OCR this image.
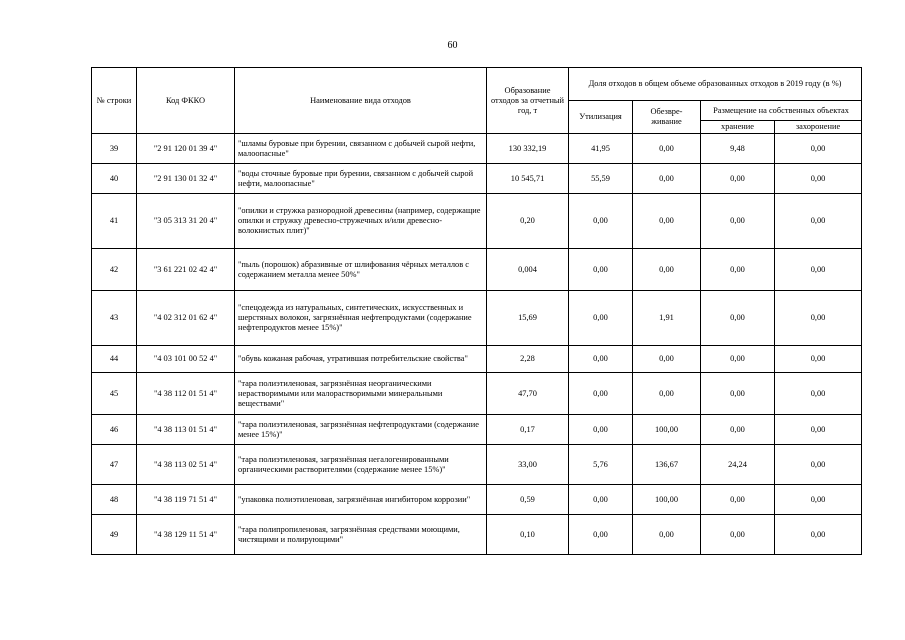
60
№ строки	Код ФККО	Наименование вида отходов	Образование отходов за отчетный год, т	Доля отходов в общем объеме образованных отходов в 2019 году (в %)			
				Утилизация	Обезвре-живание	Размещение на собственных объектах	
						хранение	захоронение
39	"2 91 120 01 39 4"	"шламы буровые при бурении, связанном с добычей сырой нефти, малоопасные"	130 332,19	41,95	0,00	9,48	0,00
40	"2 91 130 01 32 4"	"воды сточные буровые при бурении, связанном с добычей сырой нефти, малоопасные"	10 545,71	55,59	0,00	0,00	0,00
41	"3 05 313 31 20 4"	"опилки и стружка разнородной древесины (например, содержащие опилки и стружку древесно-стружечных и/или древесно-волокнистых плит)"	0,20	0,00	0,00	0,00	0,00
42	"3 61 221 02 42 4"	"пыль (порошок) абразивные от шлифования чёрных металлов с содержанием металла менее 50%"	0,004	0,00	0,00	0,00	0,00
43	"4 02 312 01 62 4"	"спецодежда из натуральных, синтетических, искусственных и шерстяных волокон, загрязнённая нефтепродуктами (содержание нефтепродуктов менее 15%)"	15,69	0,00	1,91	0,00	0,00
44	"4 03 101 00 52 4"	"обувь кожаная рабочая, утратившая потребительские свойства"	2,28	0,00	0,00	0,00	0,00
45	"4 38 112 01 51 4"	"тара полиэтиленовая, загрязнённая неорганическими нерастворимыми или малорастворимыми минеральными веществами"	47,70	0,00	0,00	0,00	0,00
46	"4 38 113 01 51 4"	"тара полиэтиленовая, загрязнённая нефтепродуктами (содержание менее 15%)"	0,17	0,00	100,00	0,00	0,00
47	"4 38 113 02 51 4"	"тара полиэтиленовая, загрязнённая негалогенированными органическими растворителями (содержание менее 15%)"	33,00	5,76	136,67	24,24	0,00
48	"4 38 119 71 51 4"	"упаковка полиэтиленовая, загрязнённая ингибитором коррозии"	0,59	0,00	100,00	0,00	0,00
49	"4 38 129 11 51 4"	"тара полипропиленовая, загрязнённая средствами моющими, чистящими и полирующими"	0,10	0,00	0,00	0,00	0,00
